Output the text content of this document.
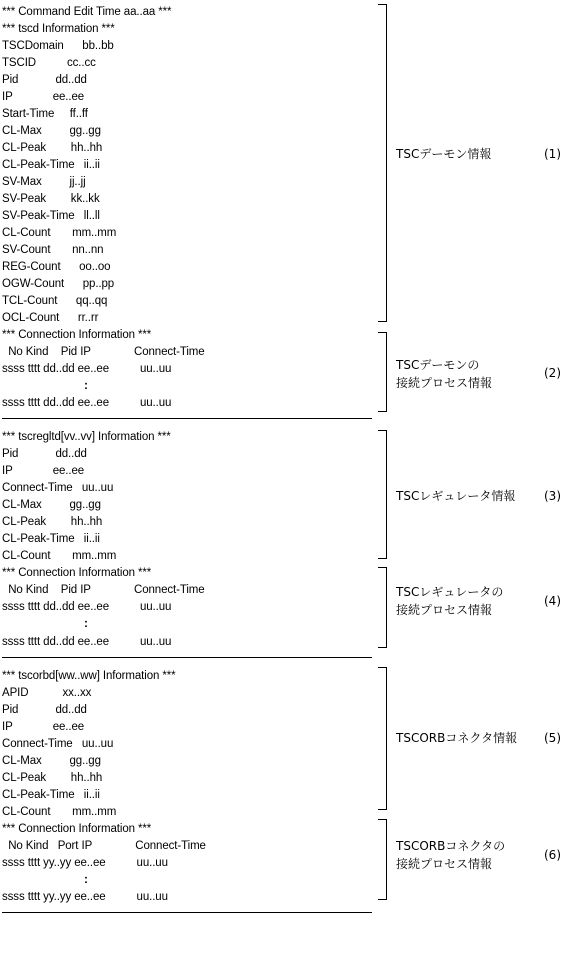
*** Command Edit Time aa..aa ***
*** tscd Information ***
TSCDomain      bb..bb
TSCID          cc..cc
Pid            dd..dd
IP             ee..ee
Start-Time     ff..ff
CL-Max         gg..gg
CL-Peak        hh..hh
CL-Peak-Time   ii..ii
SV-Max         jj..jj
SV-Peak        kk..kk
SV-Peak-Time   ll..ll
CL-Count       mm..mm
SV-Count       nn..nn
REG-Count      oo..oo
OGW-Count      pp..pp
TCL-Count      qq..qq
OCL-Count      rr..rr
TSCデーモン情報	(1)
*** Connection Information ***
No Kind    Pid IP              Connect-Time
ssss tttt dd..dd ee..ee          uu..uu
:
ssss tttt dd..dd ee..ee          uu..uu
TSCデーモンの
接続プロセス情報
(2)
*** tscregltd[vv..vv] Information ***
Pid            dd..dd
IP             ee..ee
Connect-Time   uu..uu
CL-Max         gg..gg
CL-Peak        hh..hh
CL-Peak-Time   ii..ii
CL-Count       mm..mm
TSCレギュレータ情報 (3)
*** Connection Information ***
No Kind    Pid IP              Connect-Time
ssss tttt dd..dd ee..ee          uu..uu
:
ssss tttt dd..dd ee..ee          uu..uu
TSCレギュレータの
接続プロセス情報
(4)
*** tscorbd[ww..ww] Information ***
APID           xx..xx
Pid            dd..dd
IP             ee..ee
Connect-Time   uu..uu
CL-Max         gg..gg
CL-Peak        hh..hh
CL-Peak-Time   ii..ii
CL-Count       mm..mm
TSCORBコネクタ情報 (5)
*** Connection Information ***
No Kind   Port IP              Connect-Time
ssss tttt yy..yy ee..ee          uu..uu
:
ssss tttt yy..yy ee..ee          uu..uu
TSCORBコネクタの
接続プロセス情報
(6)
